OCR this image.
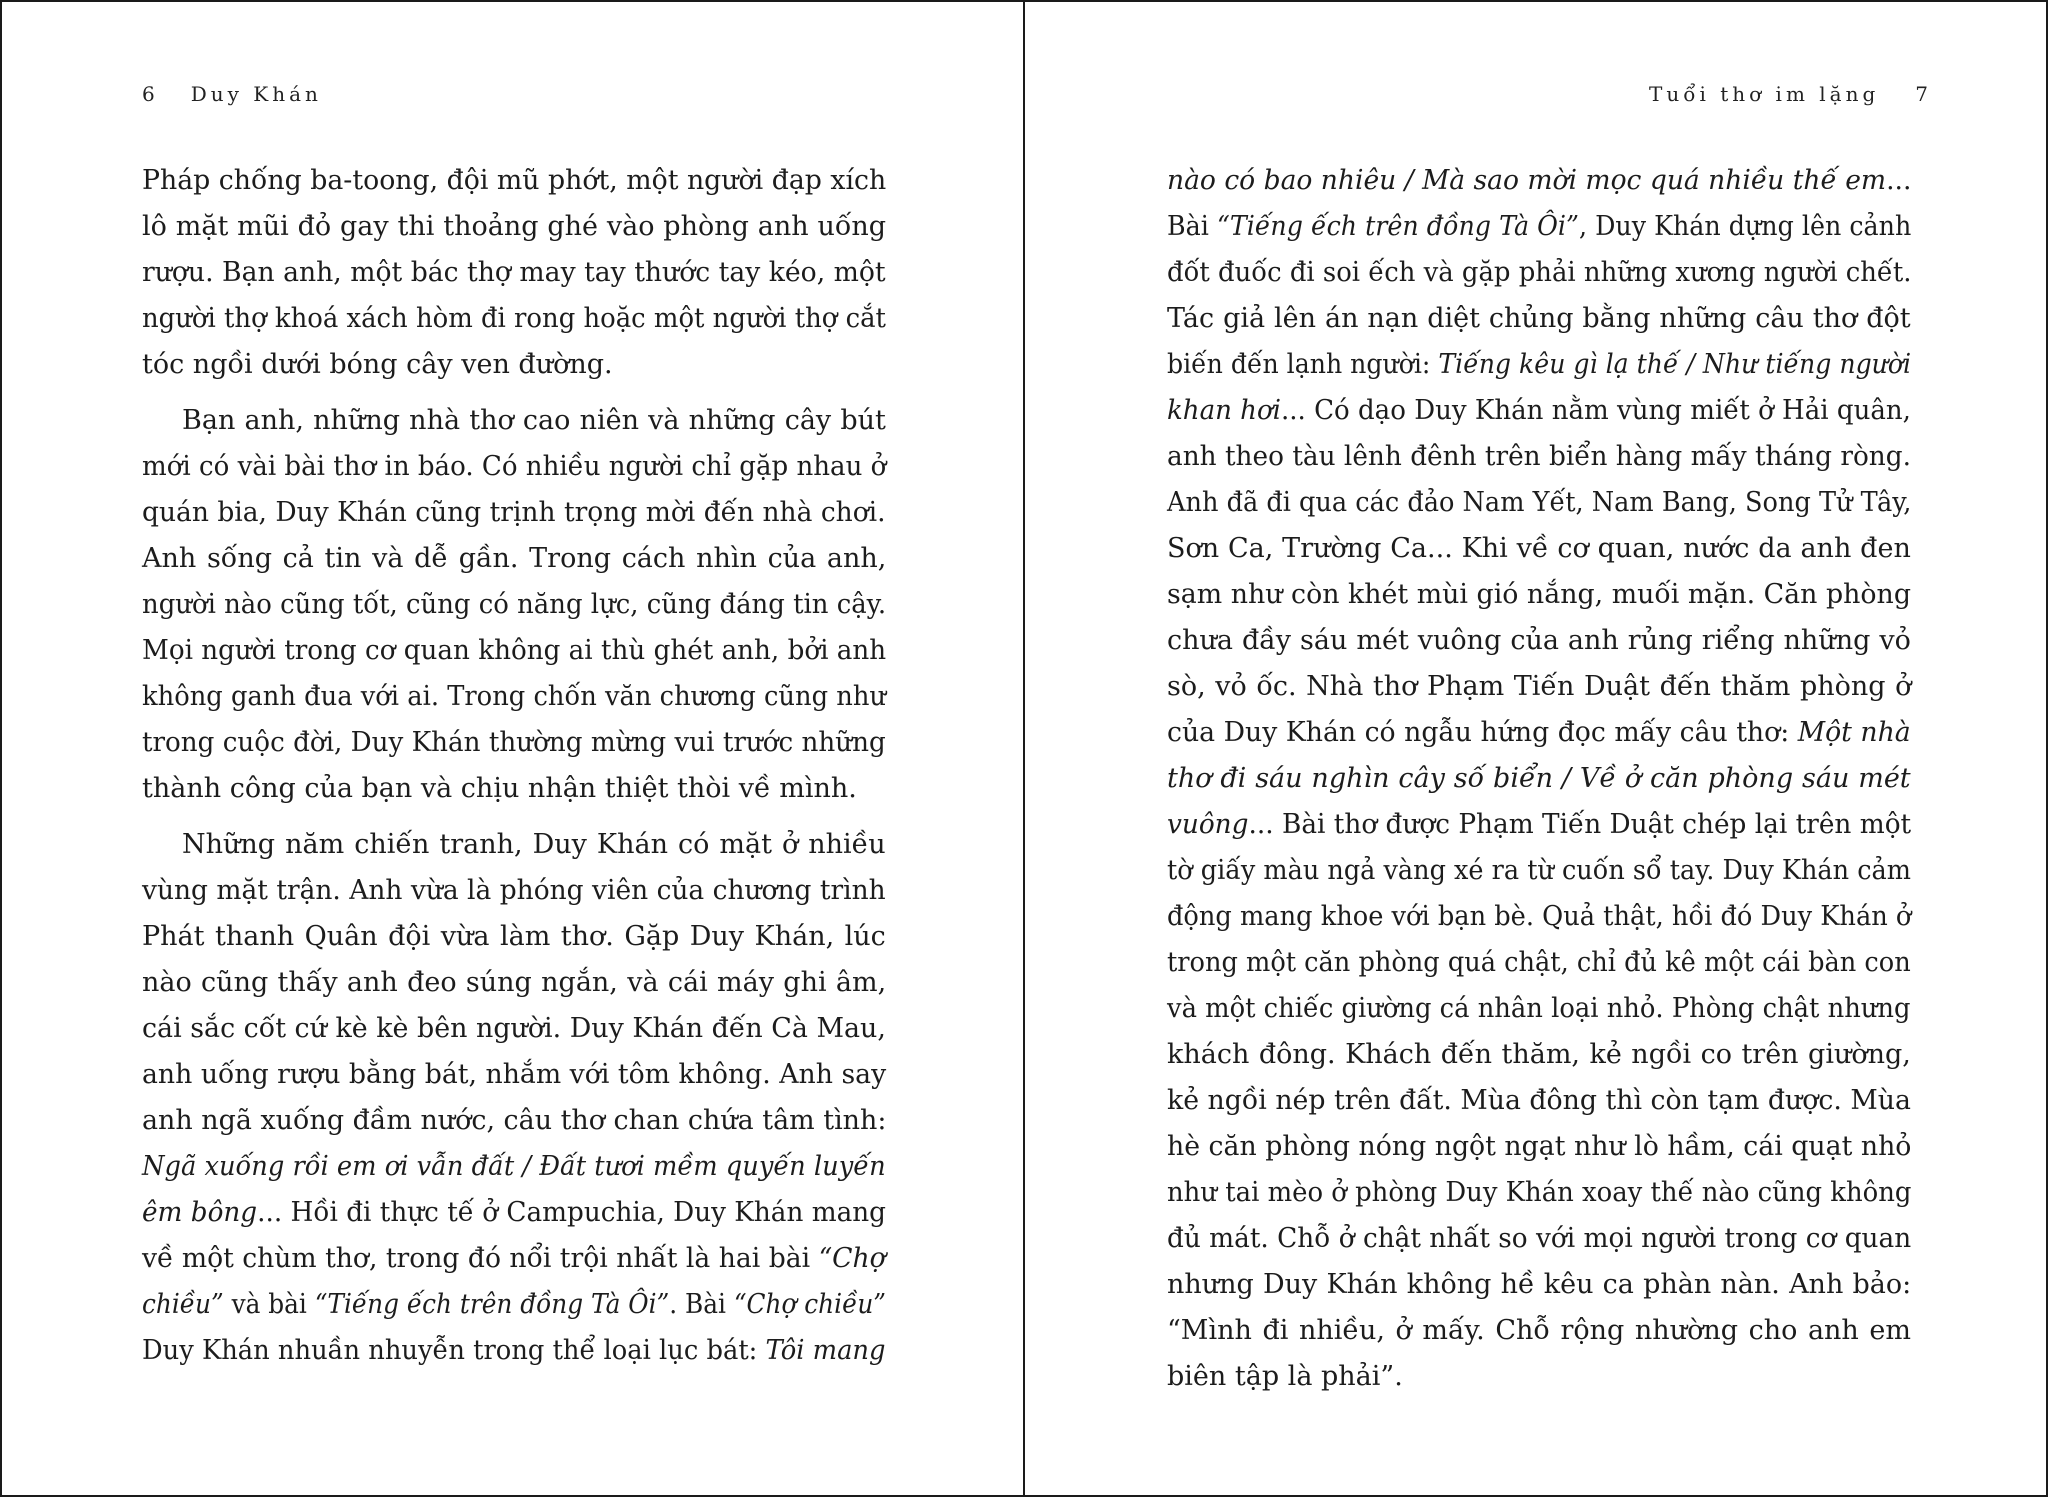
6 Duy Khán
Pháp chống ba-toong, đội mũ phớt, một người đạp xích
lô mặt mũi đỏ gay thi thoảng ghé vào phòng anh uống
rượu. Bạn anh, một bác thợ may tay thước tay kéo, một
người thợ khoá xách hòm đi rong hoặc một người thợ cắt
tóc ngồi dưới bóng cây ven đường.
Bạn anh, những nhà thơ cao niên và những cây bút
mới có vài bài thơ in báo. Có nhiều người chỉ gặp nhau ở
quán bia, Duy Khán cũng trịnh trọng mời đến nhà chơi.
Anh sống cả tin và dễ gần. Trong cách nhìn của anh,
người nào cũng tốt, cũng có năng lực, cũng đáng tin cậy.
Mọi người trong cơ quan không ai thù ghét anh, bởi anh
không ganh đua với ai. Trong chốn văn chương cũng như
trong cuộc đời, Duy Khán thường mừng vui trước những
thành công của bạn và chịu nhận thiệt thòi về mình.
Những năm chiến tranh, Duy Khán có mặt ở nhiều
vùng mặt trận. Anh vừa là phóng viên của chương trình
Phát thanh Quân đội vừa làm thơ. Gặp Duy Khán, lúc
nào cũng thấy anh đeo súng ngắn, và cái máy ghi âm,
cái sắc cốt cứ kè kè bên người. Duy Khán đến Cà Mau,
anh uống rượu bằng bát, nhắm với tôm không. Anh say
anh ngã xuống đầm nước, câu thơ chan chứa tâm tình:
Ngã xuống rồi em ơi vẫn đất / Đất tươi mềm quyến luyến
êm bông... Hồi đi thực tế ở Campuchia, Duy Khán mang
về một chùm thơ, trong đó nổi trội nhất là hai bài “Chợ
chiều” và bài “Tiếng ếch trên đồng Tà Ôi”. Bài “Chợ chiều”
Duy Khán nhuần nhuyễn trong thể loại lục bát: Tôi mang
Tuổi thơ im lặng 7
nào có bao nhiêu / Mà sao mời mọc quá nhiều thế em...
Bài “Tiếng ếch trên đồng Tà Ôi”, Duy Khán dựng lên cảnh
đốt đuốc đi soi ếch và gặp phải những xương người chết.
Tác giả lên án nạn diệt chủng bằng những câu thơ đột
biến đến lạnh người: Tiếng kêu gì lạ thế / Như tiếng người
khan hơi... Có dạo Duy Khán nằm vùng miết ở Hải quân,
anh theo tàu lênh đênh trên biển hàng mấy tháng ròng.
Anh đã đi qua các đảo Nam Yết, Nam Bang, Song Tử Tây,
Sơn Ca, Trường Ca... Khi về cơ quan, nước da anh đen
sạm như còn khét mùi gió nắng, muối mặn. Căn phòng
chưa đầy sáu mét vuông của anh rủng riểng những vỏ
sò, vỏ ốc. Nhà thơ Phạm Tiến Duật đến thăm phòng ở
của Duy Khán có ngẫu hứng đọc mấy câu thơ: Một nhà
thơ đi sáu nghìn cây số biển / Về ở căn phòng sáu mét
vuông... Bài thơ được Phạm Tiến Duật chép lại trên một
tờ giấy màu ngả vàng xé ra từ cuốn sổ tay. Duy Khán cảm
động mang khoe với bạn bè. Quả thật, hồi đó Duy Khán ở
trong một căn phòng quá chật, chỉ đủ kê một cái bàn con
và một chiếc giường cá nhân loại nhỏ. Phòng chật nhưng
khách đông. Khách đến thăm, kẻ ngồi co trên giường,
kẻ ngồi nép trên đất. Mùa đông thì còn tạm được. Mùa
hè căn phòng nóng ngột ngạt như lò hầm, cái quạt nhỏ
như tai mèo ở phòng Duy Khán xoay thế nào cũng không
đủ mát. Chỗ ở chật nhất so với mọi người trong cơ quan
nhưng Duy Khán không hề kêu ca phàn nàn. Anh bảo:
“Mình đi nhiều, ở mấy. Chỗ rộng nhường cho anh em
biên tập là phải”.
